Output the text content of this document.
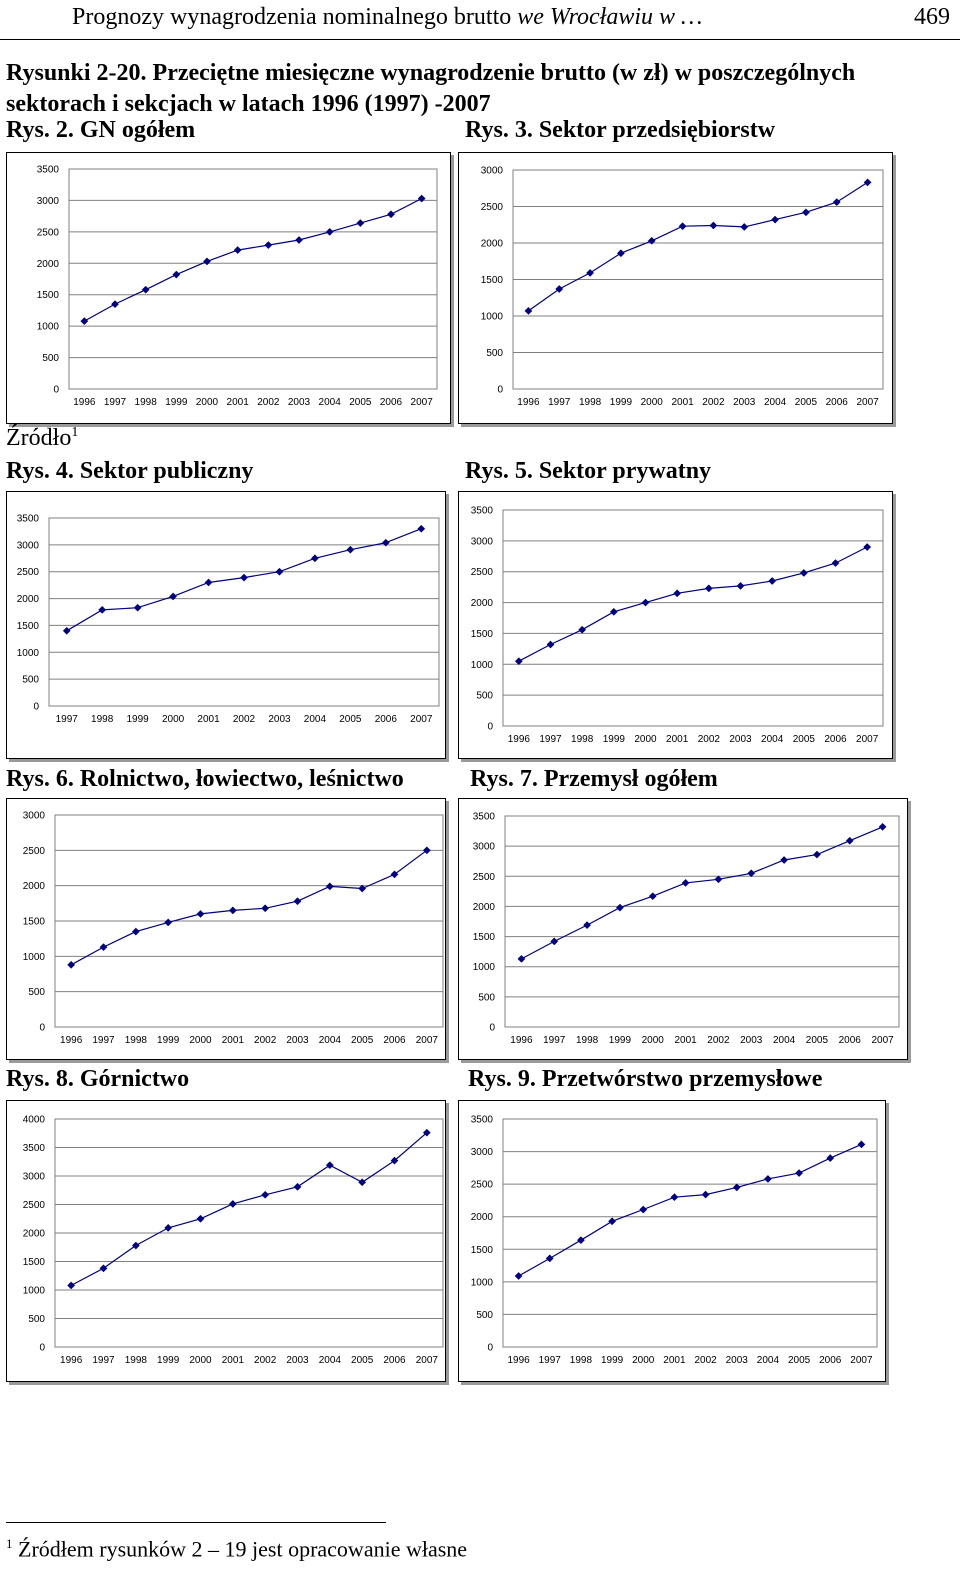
Prognozy wynagrodzenia nominalnego brutto we Wrocławiu w …	469
Rysunki 2-20. Przeciętne miesięczne wynagrodzenie brutto (w zł) w poszczególnych sektorach i sekcjach w latach 1996 (1997) -2007
Rys. 2. GN ogółem	Rys. 3. Sektor przedsiębiorstw
0
500
1000
1500
2000
2500
3000
3500
1996 1997 1998 1999 2000 2001 2002 2003 2004 2005 2006 2007
0
500
1000
1500
2000
2500
3000
1996 1997 1998 1999 2000 2001 2002 2003 2004 2005 2006 2007
Źródło$^1$
Rys. 4. Sektor publiczny	Rys. 5. Sektor prywatny
0
500
1000
1500
2000
2500
3000
3500
1997 1998 1999 2000 2001 2002 2003 2004 2005 2006 2007
0
500
1000
1500
2000
2500
3000
3500
1996 1997 1998 1999 2000 2001 2002 2003 2004 2005 2006 2007
Rys. 6. Rolnictwo, łowiectwo, leśnictwo	Rys. 7. Przemysł ogółem
0
500
1000
1500
2000
2500
3000
1996 1997 1998 1999 2000 2001 2002 2003 2004 2005 2006 2007
0
500
1000
1500
2000
2500
3000
3500
1996 1997 1998 1999 2000 2001 2002 2003 2004 2005 2006 2007
Rys. 8. Górnictwo	Rys. 9. Przetwórstwo przemysłowe
0
500
1000
1500
2000
2500
3000
3500
4000
1996 1997 1998 1999 2000 2001 2002 2003 2004 2005 2006 2007
0
500
1000
1500
2000
2500
3000
3500
1996 1997 1998 1999 2000 2001 2002 2003 2004 2005 2006 2007
$^1$ Źródłem rysunków 2 – 19 jest opracowanie własne
